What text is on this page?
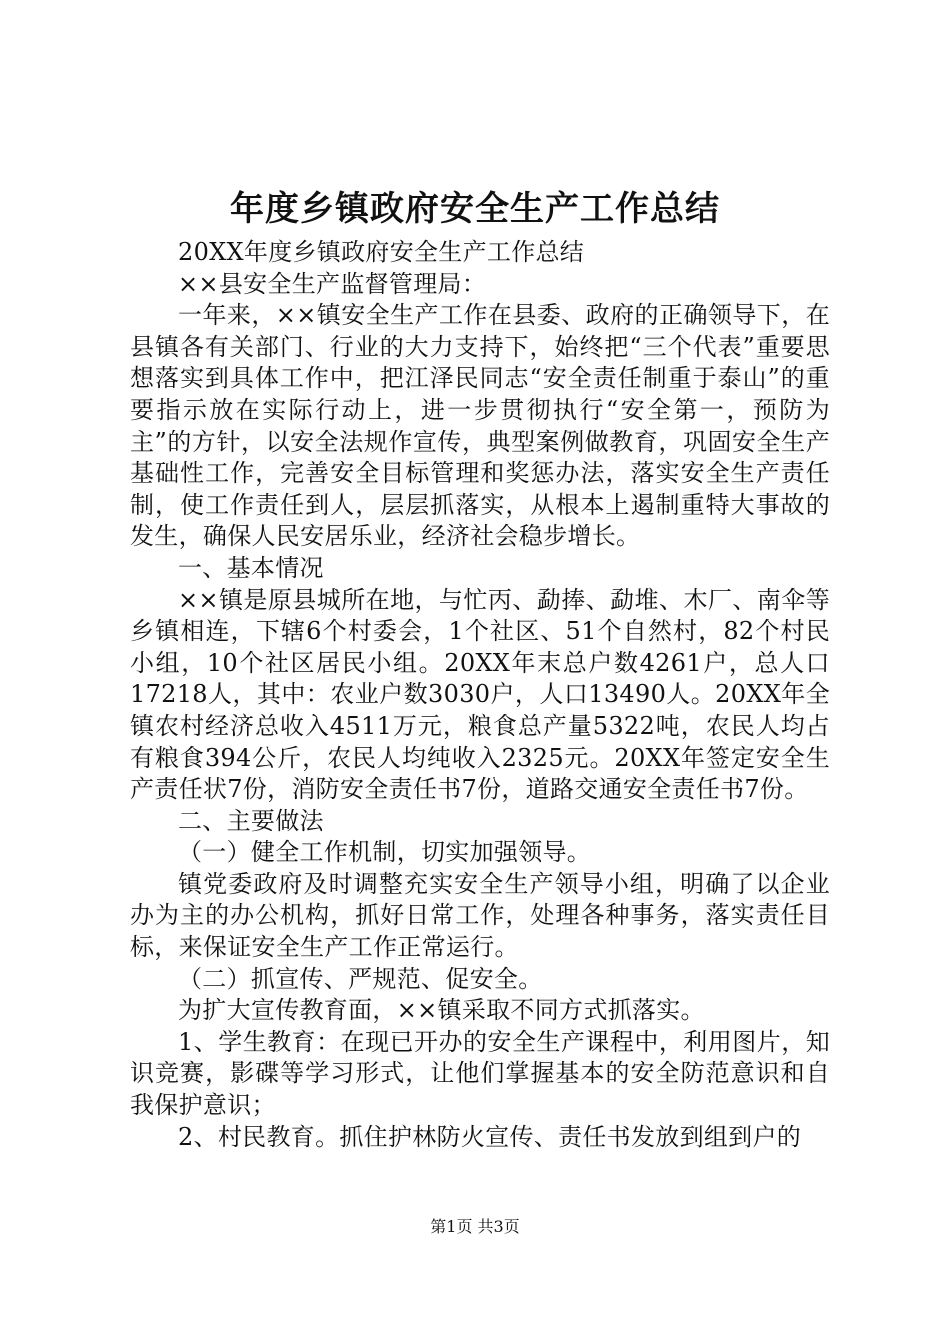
年度乡镇政府安全生产工作总结

20XX年度乡镇政府安全生产工作总结

××县安全生产监督管理局：

一年来，××镇安全生产工作在县委、政府的正确领导下，在县镇各有关部门、行业的大力支持下，始终把“三个代表”重要思想落实到具体工作中，把江泽民同志“安全责任制重于泰山”的重要指示放在实际行动上，进一步贯彻执行“安全第一，预防为主”的方针，以安全法规作宣传，典型案例做教育，巩固安全生产基础性工作，完善安全目标管理和奖惩办法，落实安全生产责任制，使工作责任到人，层层抓落实，从根本上遏制重特大事故的发生，确保人民安居乐业，经济社会稳步增长。

一、基本情况

××镇是原县城所在地，与忙丙、勐捧、勐堆、木厂、南伞等乡镇相连，下辖6个村委会，1个社区、51个自然村，82个村民小组，10个社区居民小组。20XX年末总户数4261户，总人口17218人，其中：农业户数3030户，人口13490人。20XX年全镇农村经济总收入4511万元，粮食总产量5322吨，农民人均占有粮食394公斤，农民人均纯收入2325元。20XX年签定安全生产责任状7份，消防安全责任书7份，道路交通安全责任书7份。

二、主要做法

（一）健全工作机制，切实加强领导。

镇党委政府及时调整充实安全生产领导小组，明确了以企业办为主的办公机构，抓好日常工作，处理各种事务，落实责任目标，来保证安全生产工作正常运行。

（二）抓宣传、严规范、促安全。

为扩大宣传教育面，××镇采取不同方式抓落实。

1、学生教育：在现已开办的安全生产课程中，利用图片，知识竞赛，影碟等学习形式，让他们掌握基本的安全防范意识和自我保护意识；

2、村民教育。抓住护林防火宣传、责任书发放到组到户的

第1页 共3页
